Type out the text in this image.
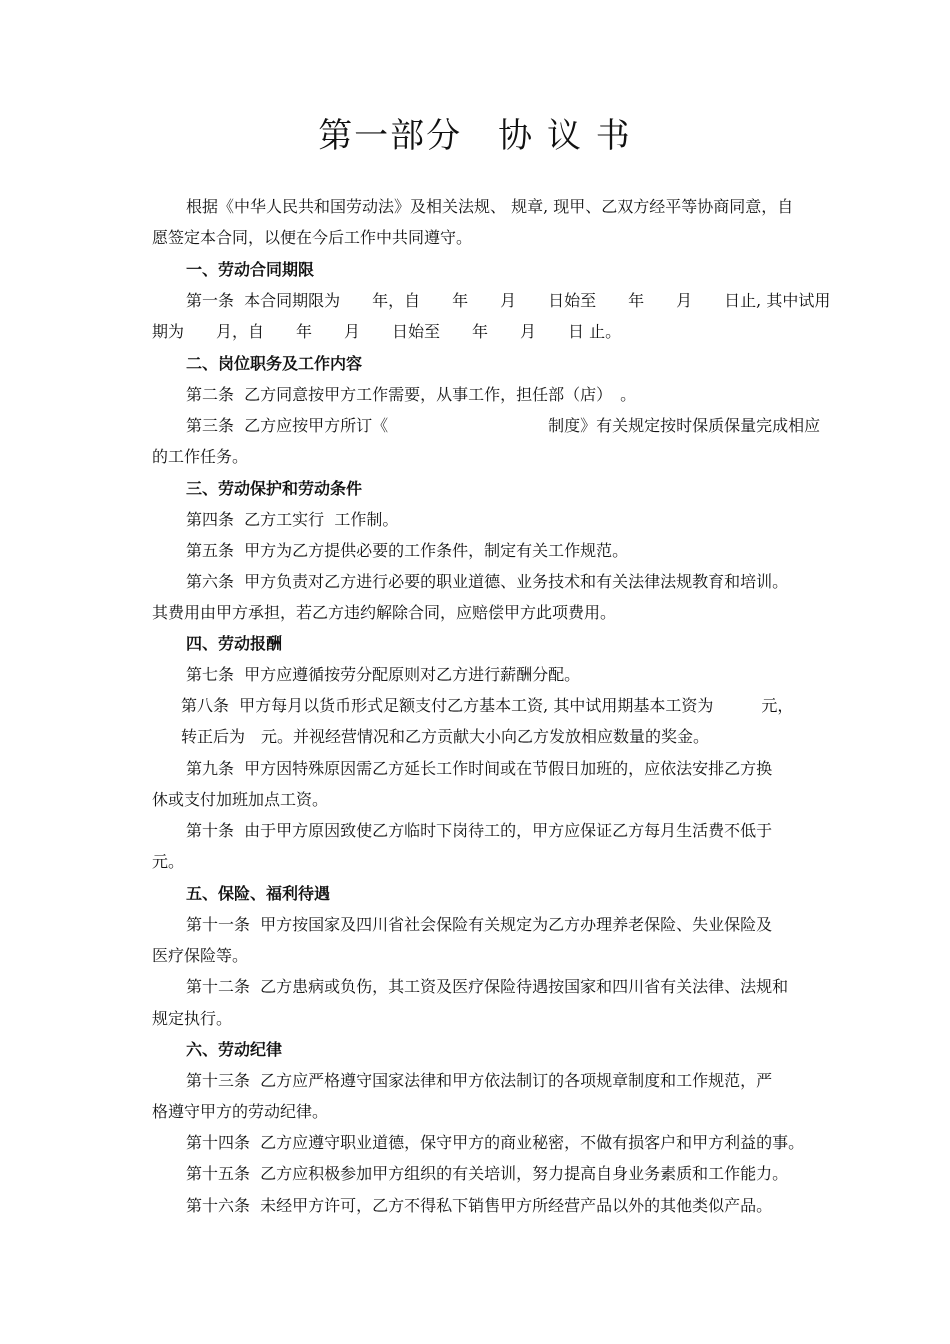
第一部分　协 议 书
根据《中华人民共和国劳动法》及相关法规、 规章, 现甲、乙双方经平等协商同意，自
愿签定本合同，以便在今后工作中共同遵守。
一、劳动合同期限
第一条  本合同期限为　　年，自　　年　　月　　日始至　　年　　月　　日止, 其中试用
期为　　月，自　　年　　月　　日始至　　年　　月　　日 止。
二、岗位职务及工作内容
第二条  乙方同意按甲方工作需要，从事工作，担任部（店）　。
第三条  乙方应按甲方所订《　　　　　　　　　　制度》有关规定按时保质保量完成相应
的工作任务。
三、劳动保护和劳动条件
第四条  乙方工实行  工作制。
第五条  甲方为乙方提供必要的工作条件，制定有关工作规范。
第六条  甲方负责对乙方进行必要的职业道德、业务技术和有关法律法规教育和培训。
其费用由甲方承担，若乙方违约解除合同，应赔偿甲方此项费用。
四、劳动报酬
第七条  甲方应遵循按劳分配原则对乙方进行薪酬分配。
第八条  甲方每月以货币形式足额支付乙方基本工资, 其中试用期基本工资为　　　元，
转正后为　元。并视经营情况和乙方贡献大小向乙方发放相应数量的奖金。
第九条  甲方因特殊原因需乙方延长工作时间或在节假日加班的，应依法安排乙方换
休或支付加班加点工资。
第十条  由于甲方原因致使乙方临时下岗待工的，甲方应保证乙方每月生活费不低于
元。
五、保险、福利待遇
第十一条  甲方按国家及四川省社会保险有关规定为乙方办理养老保险、失业保险及
医疗保险等。
第十二条  乙方患病或负伤，其工资及医疗保险待遇按国家和四川省有关法律、法规和
规定执行。
六、劳动纪律
第十三条  乙方应严格遵守国家法律和甲方依法制订的各项规章制度和工作规范，严
格遵守甲方的劳动纪律。
第十四条  乙方应遵守职业道德，保守甲方的商业秘密，不做有损客户和甲方利益的事。
第十五条  乙方应积极参加甲方组织的有关培训，努力提高自身业务素质和工作能力。
第十六条  未经甲方许可，乙方不得私下销售甲方所经营产品以外的其他类似产品。
